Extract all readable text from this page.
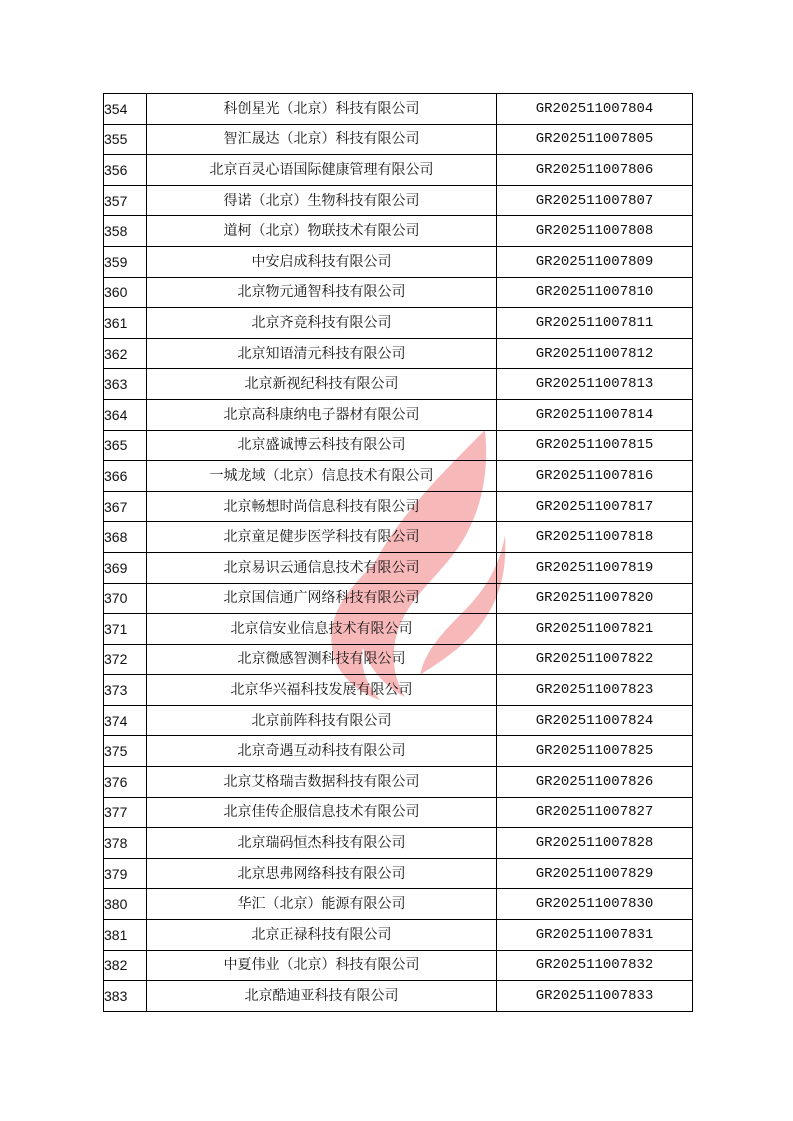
354	科创星光（北京）科技有限公司	GR202511007804
355	智汇晟达（北京）科技有限公司	GR202511007805
356	北京百灵心语国际健康管理有限公司	GR202511007806
357	得诺（北京）生物科技有限公司	GR202511007807
358	道柯（北京）物联技术有限公司	GR202511007808
359	中安启成科技有限公司	GR202511007809
360	北京物元通智科技有限公司	GR202511007810
361	北京齐竞科技有限公司	GR202511007811
362	北京知语清元科技有限公司	GR202511007812
363	北京新视纪科技有限公司	GR202511007813
364	北京高科康纳电子器材有限公司	GR202511007814
365	北京盛诚博云科技有限公司	GR202511007815
366	一城龙域（北京）信息技术有限公司	GR202511007816
367	北京畅想时尚信息科技有限公司	GR202511007817
368	北京童足健步医学科技有限公司	GR202511007818
369	北京易识云通信息技术有限公司	GR202511007819
370	北京国信通广网络科技有限公司	GR202511007820
371	北京信安业信息技术有限公司	GR202511007821
372	北京微感智测科技有限公司	GR202511007822
373	北京华兴福科技发展有限公司	GR202511007823
374	北京前阵科技有限公司	GR202511007824
375	北京奇遇互动科技有限公司	GR202511007825
376	北京艾格瑞吉数据科技有限公司	GR202511007826
377	北京佳传企服信息技术有限公司	GR202511007827
378	北京瑞码恒杰科技有限公司	GR202511007828
379	北京思弗网络科技有限公司	GR202511007829
380	华汇（北京）能源有限公司	GR202511007830
381	北京正禄科技有限公司	GR202511007831
382	中夏伟业（北京）科技有限公司	GR202511007832
383	北京酷迪亚科技有限公司	GR202511007833
